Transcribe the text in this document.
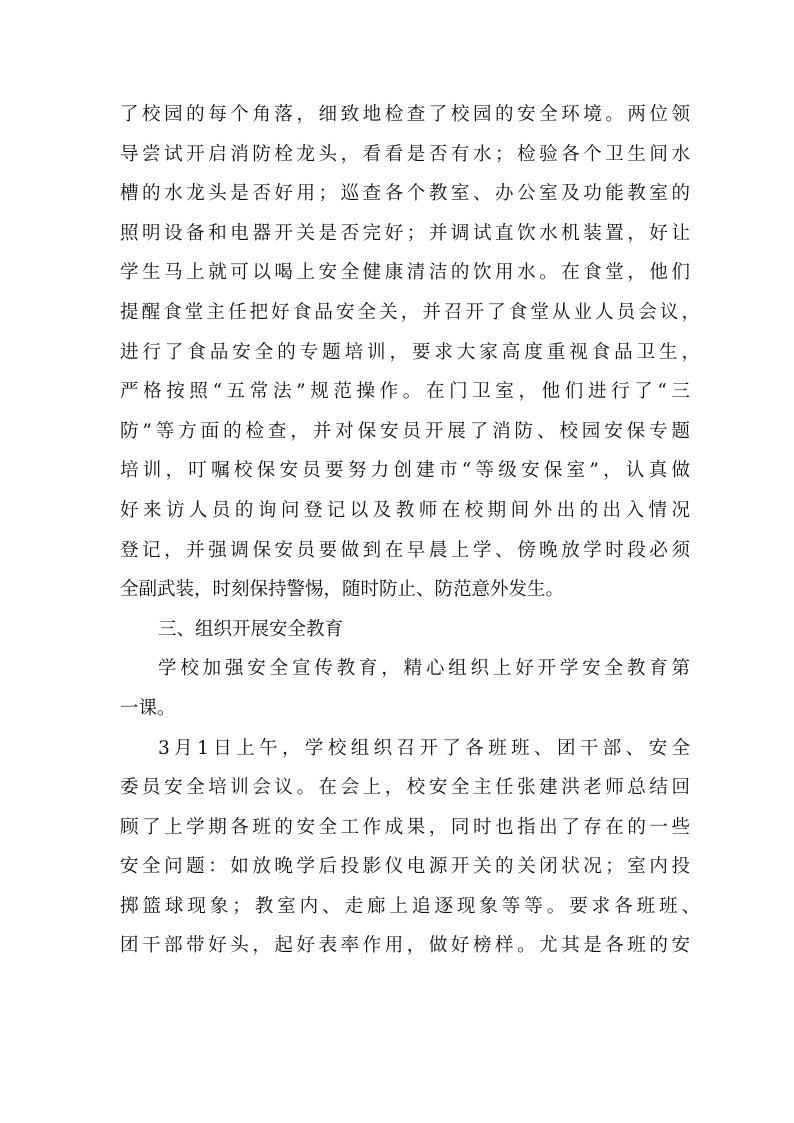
了校园的每个角落，细致地检查了校园的安全环境。两位领
导尝试开启消防栓龙头，看看是否有水；检验各个卫生间水
槽的水龙头是否好用；巡查各个教室、办公室及功能教室的
照明设备和电器开关是否完好；并调试直饮水机装置，好让
学生马上就可以喝上安全健康清洁的饮用水。在食堂，他们
提醒食堂主任把好食品安全关，并召开了食堂从业人员会议，
进行了食品安全的专题培训，要求大家高度重视食品卫生，
严格按照“五常法”规范操作。在门卫室，他们进行了“三
防”等方面的检查，并对保安员开展了消防、校园安保专题
培训，叮嘱校保安员要努力创建市“等级安保室”，认真做
好来访人员的询问登记以及教师在校期间外出的出入情况
登记，并强调保安员要做到在早晨上学、傍晚放学时段必须
全副武装，时刻保持警惕，随时防止、防范意外发生。
三、组织开展安全教育
学校加强安全宣传教育，精心组织上好开学安全教育第
一课。
3月1日上午，学校组织召开了各班班、团干部、安全
委员安全培训会议。在会上，校安全主任张建洪老师总结回
顾了上学期各班的安全工作成果，同时也指出了存在的一些
安全问题：如放晚学后投影仪电源开关的关闭状况；室内投
掷篮球现象；教室内、走廊上追逐现象等等。要求各班班、
团干部带好头，起好表率作用，做好榜样。尤其是各班的安
